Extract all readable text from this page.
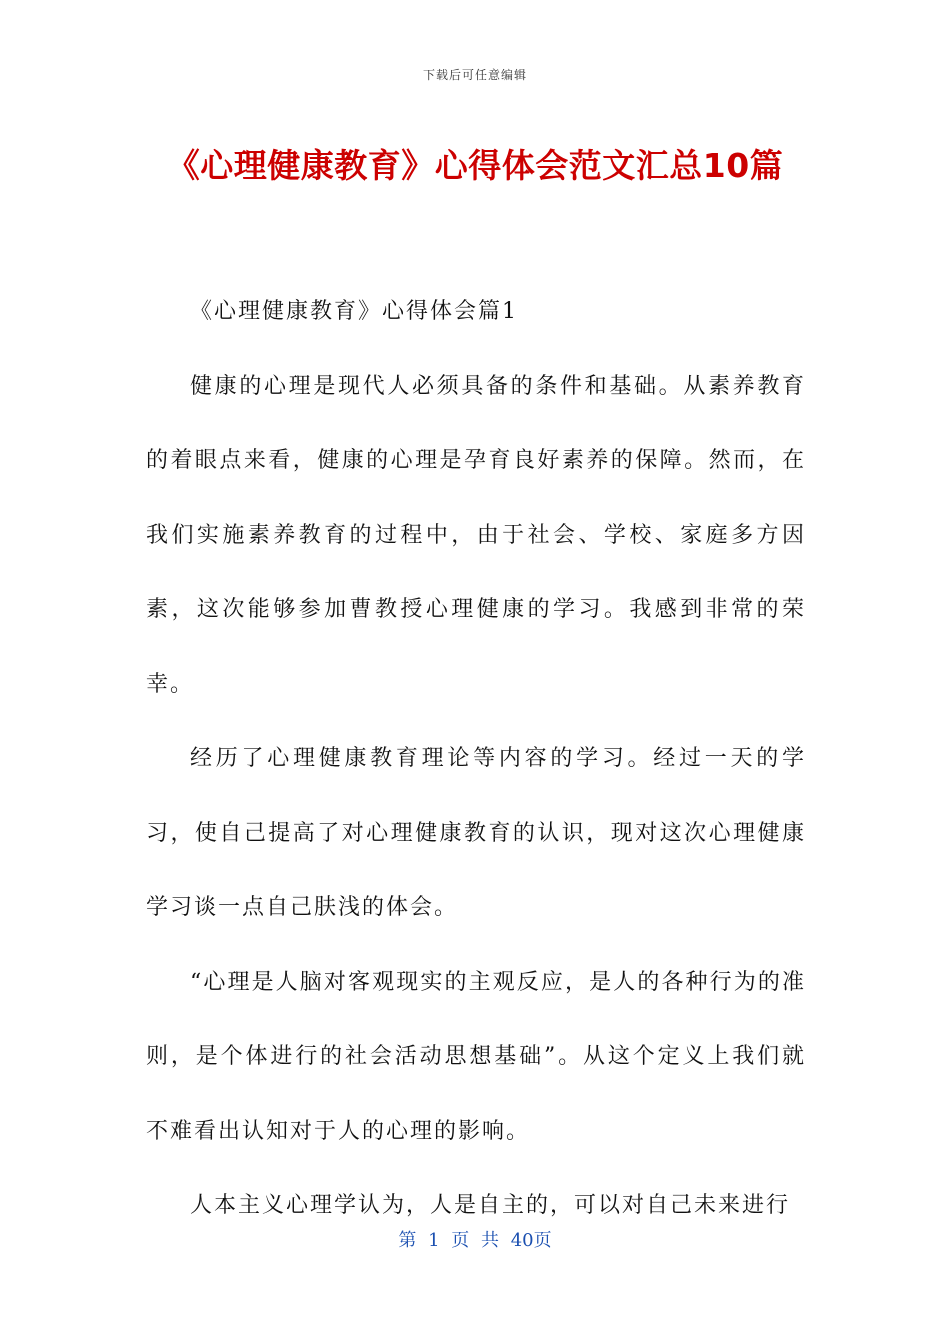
下载后可任意编辑
《心理健康教育》心得体会范文汇总10篇

《心理健康教育》心得体会篇1

健康的心理是现代人必须具备的条件和基础。从素养教育的着眼点来看，健康的心理是孕育良好素养的保障。然而，在我们实施素养教育的过程中，由于社会、学校、家庭多方因素，这次能够参加曹教授心理健康的学习。我感到非常的荣幸。

经历了心理健康教育理论等内容的学习。经过一天的学习，使自己提高了对心理健康教育的认识，现对这次心理健康学习谈一点自己肤浅的体会。

“心理是人脑对客观现实的主观反应，是人的各种行为的准则，是个体进行的社会活动思想基础”。从这个定义上我们就不难看出认知对于人的心理的影响。

人本主义心理学认为，人是自主的，可以对自己未来进行

第 1 页 共 40页
